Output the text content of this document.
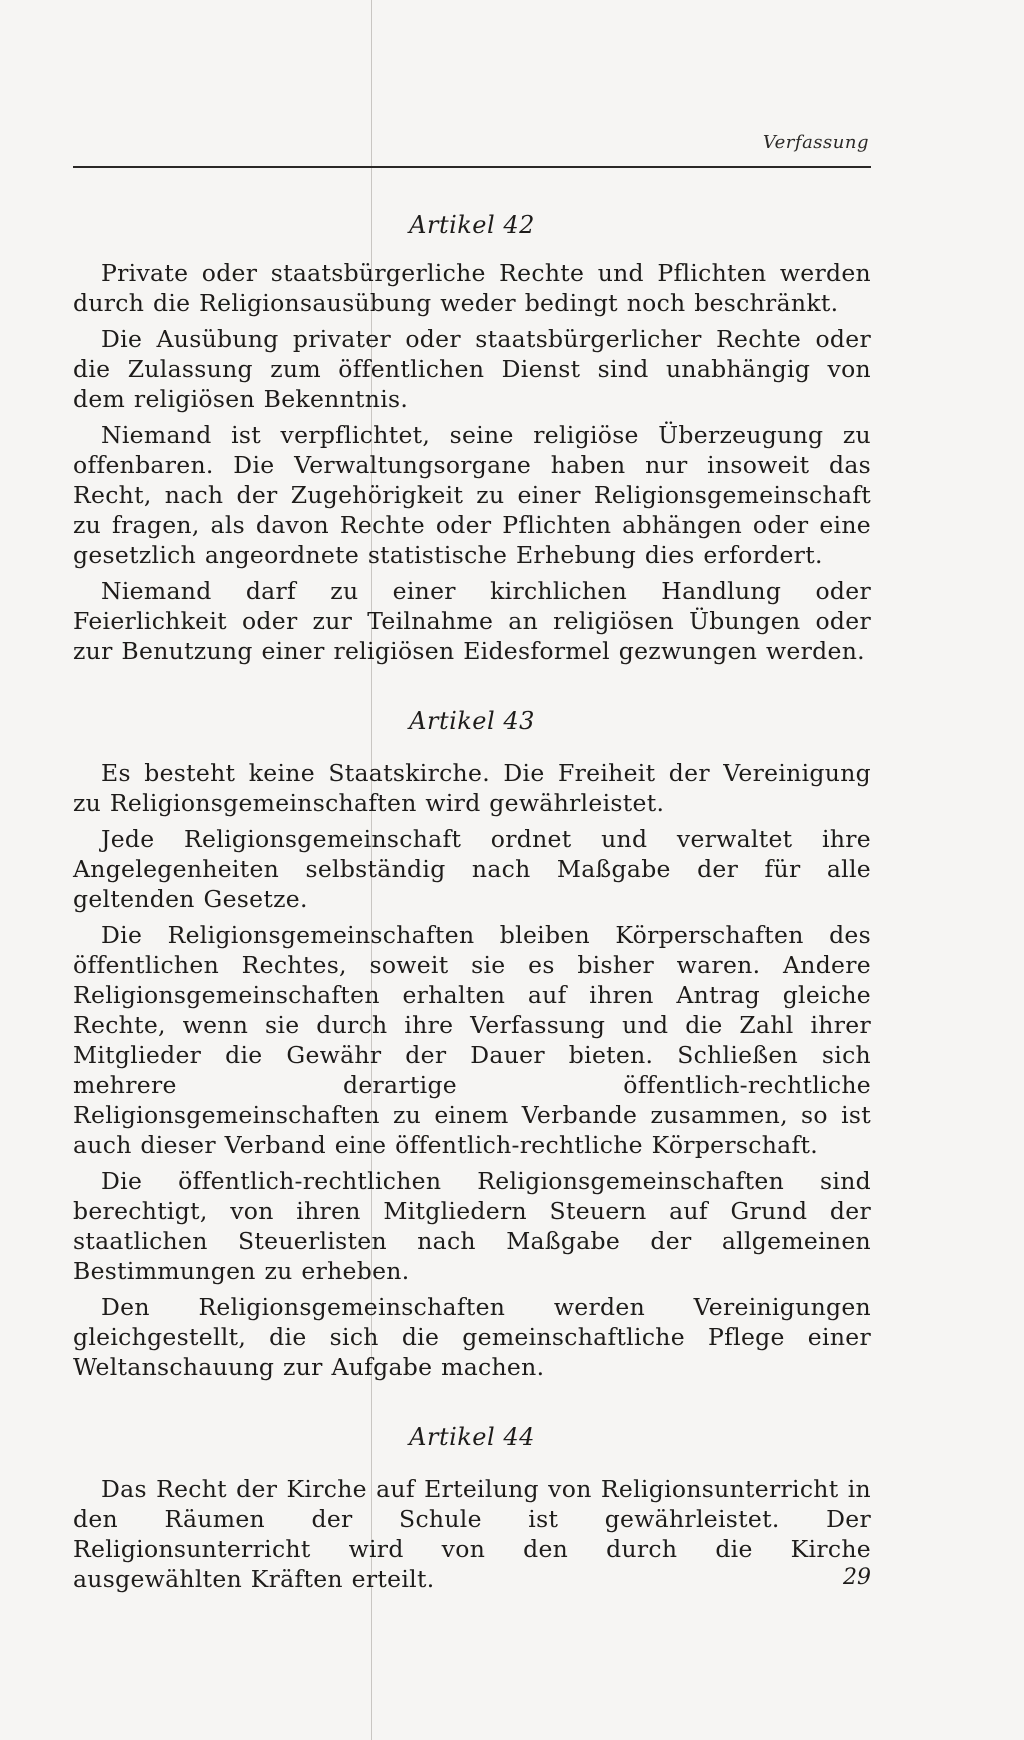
Verfassung
Artikel 42

Private oder staatsbürgerliche Rechte und Pflichten werden durch die Religionsausübung weder bedingt noch beschränkt.

Die Ausübung privater oder staatsbürgerlicher Rechte oder die Zulassung zum öffentlichen Dienst sind unabhängig von dem religiösen Bekenntnis.

Niemand ist verpflichtet, seine religiöse Überzeugung zu offenbaren. Die Verwaltungsorgane haben nur insoweit das Recht, nach der Zugehörigkeit zu einer Religionsgemeinschaft zu fragen, als davon Rechte oder Pflichten abhängen oder eine gesetzlich angeordnete statistische Erhebung dies erfordert.

Niemand darf zu einer kirchlichen Handlung oder Feierlichkeit oder zur Teilnahme an religiösen Übungen oder zur Benutzung einer religiösen Eidesformel gezwungen werden.

Artikel 43

Es besteht keine Staatskirche. Die Freiheit der Vereinigung zu Religionsgemeinschaften wird gewährleistet.

Jede Religionsgemeinschaft ordnet und verwaltet ihre Angelegenheiten selbständig nach Maßgabe der für alle geltenden Gesetze.

Die Religionsgemeinschaften bleiben Körperschaften des öffentlichen Rechtes, soweit sie es bisher waren. Andere Religionsgemeinschaften erhalten auf ihren Antrag gleiche Rechte, wenn sie durch ihre Verfassung und die Zahl ihrer Mitglieder die Gewähr der Dauer bieten. Schließen sich mehrere derartige öffentlich-rechtliche Religionsgemeinschaften zu einem Verbande zusammen, so ist auch dieser Verband eine öffentlich-rechtliche Körperschaft.

Die öffentlich-rechtlichen Religionsgemeinschaften sind berechtigt, von ihren Mitgliedern Steuern auf Grund der staatlichen Steuerlisten nach Maßgabe der allgemeinen Bestimmungen zu erheben.

Den Religionsgemeinschaften werden Vereinigungen gleichgestellt, die sich die gemeinschaftliche Pflege einer Weltanschauung zur Aufgabe machen.

Artikel 44

Das Recht der Kirche auf Erteilung von Religionsunterricht in den Räumen der Schule ist gewährleistet. Der Religionsunterricht wird von den durch die Kirche ausgewählten Kräften erteilt.	29
